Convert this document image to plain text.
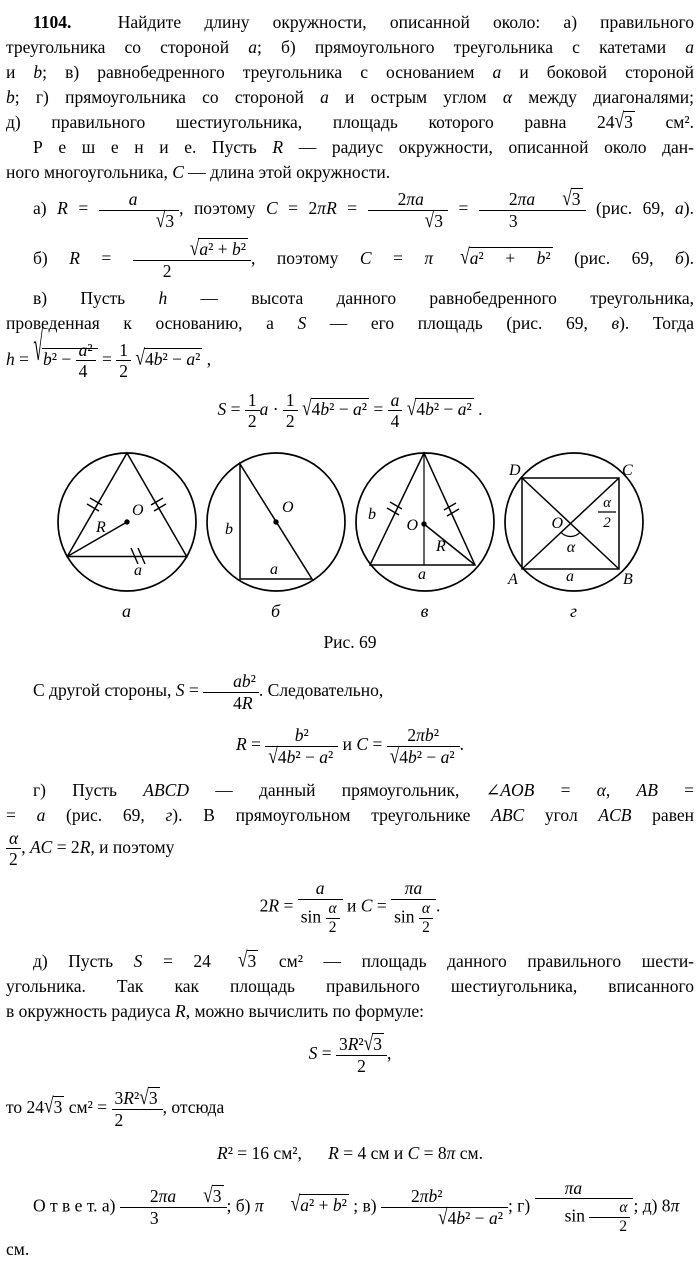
1104.  Найдите длину окружности, описанной около: а) правильного
треугольника со стороной a; б) прямоугольного треугольника с катетами a
и b; в) равнобедренного треугольника с основанием a и боковой стороной
b; г) прямоугольника со стороной a и острым углом α между диагоналями;
д) правильного шестиугольника, площадь которого равна 24√3 см².
Р е ш е н и е. Пусть R — радиус окружности, описанной около дан-
ного многоугольника, C — длина этой окружности.
а) $R = \frac{a}{√3}$ , поэтому $C = 2\pi R = \frac{2\pi a}{√3} = \frac{2\pi a √3}{3} (рис$. 69, а).
б) $R = \frac{\text{√a² + b²}}{2}$ , поэтому C = π √a² + b² (рис. 69, б).
в) Пусть h — высота данного равнобедренного треугольника,
проведенная к основанию, а S — его площадь (рис. 69, в). Тогда
$h = √b^2 - \frac{\text{a²}}{4} = \frac{1}{2} √4b^2 - a^2$ ,
$S = \frac{1}{2}$ $a \cdot \frac{1}{2} √4b^2 - a^2 = \frac{a}{4} √4b^2 - a^2$ .
O
R
a
а
O
b
a
б
O
R
b
a
в
O
α
α
2
D	C
A	B
a
г
Рис. 69
С другой стороны, $S = \frac{\text{ab²}}{4R}$ . Следовательно,
$R = \frac{\text{b²}}{\text{√4b² − a²}}$ и $C = \frac{\text{2πb²}}{\text{√4b² − a²}}$ .
г) Пусть ABCD — данный прямоугольник, ∠AOB = α, AB =
= a (рис. 69, г). В прямоугольном треугольнике ABC угол ACB равен
$\frac{\alpha}{2}$ , AC = 2R, и поэтому
$2R = \frac{a}{\sin \frac{\alpha}{2}}$ и $C = \frac{\pi a}{\sin \frac{\alpha}{2}}$ .
д) Пусть S = 24 √3 см² — площадь данного правильного шести-
угольника. Так как площадь правильного шестиугольника, вписанного
в окружность радиуса R, можно вычислить по формуле:
$S = \frac{\text{3R²√3}}{2}$ ,
то 24√3 $см^2 = \frac{\text{3R²√3}}{2}$ , отсюда
R² = 16 см²,  R = 4 см и C = 8π см.
О т в е т. $а) \frac{2\pi a √3}{3}$ ; б) π √a² + b² ; $в) \frac{\text{2πb²}}{\text{√4b² − a²}}$ ; $г) \frac{\pi a}{\sin \frac{\alpha}{2}}$ ; д) 8π см.
